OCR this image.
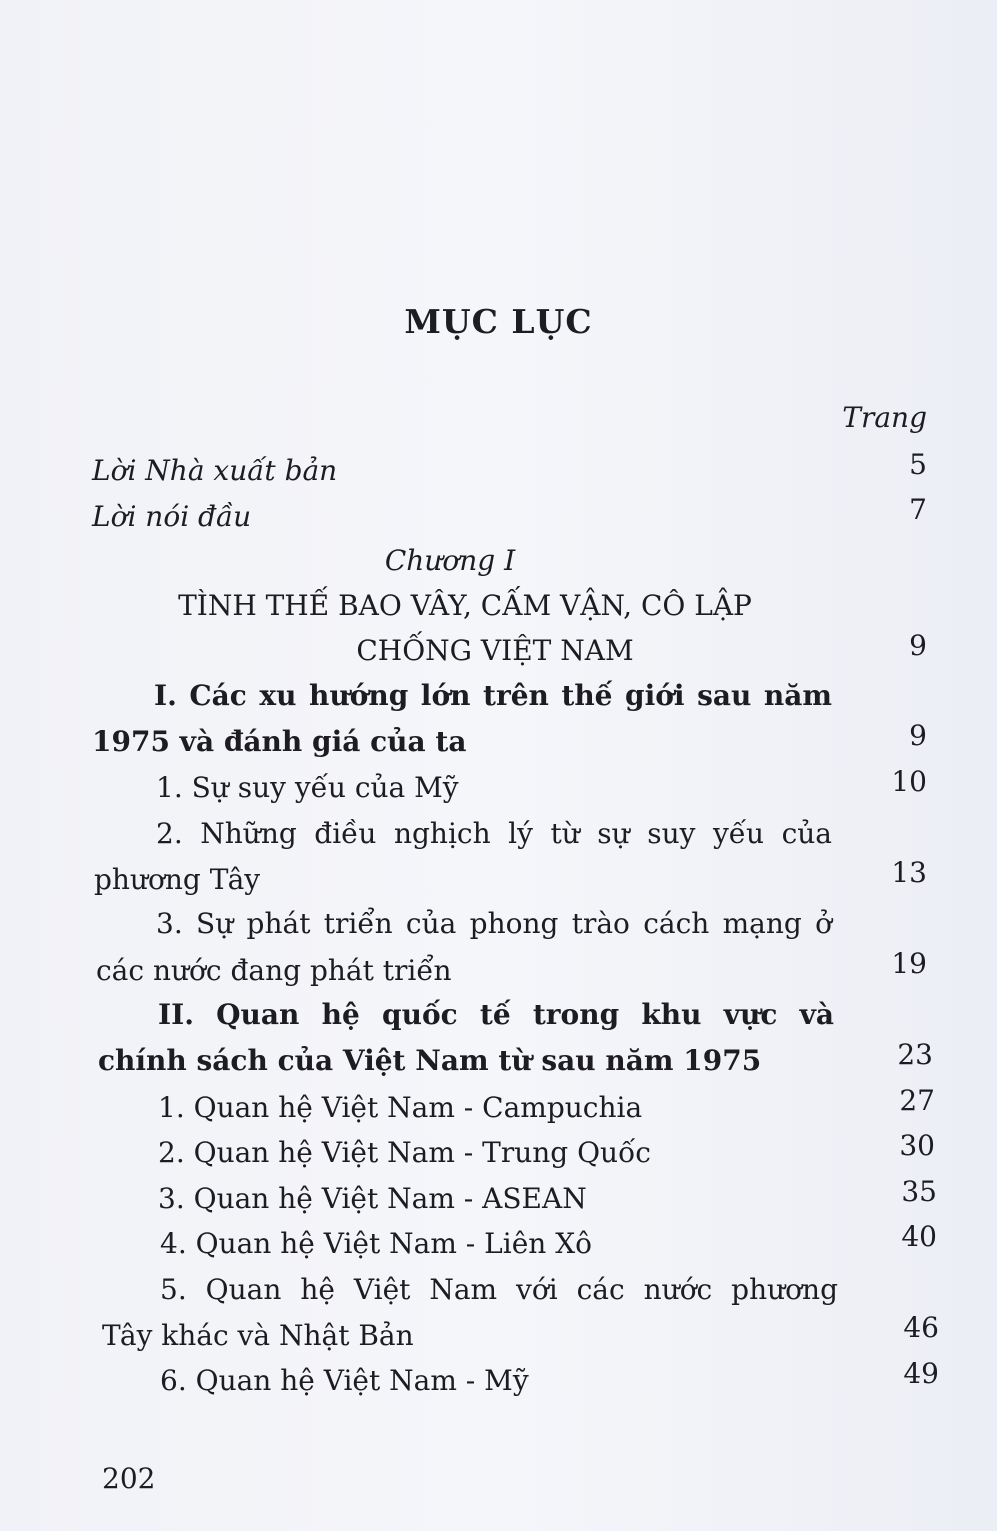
MỤC LỤC
Trang
Lời Nhà xuất bản	5
Lời nói đầu	7
Chương I
TÌNH THẾ BAO VÂY, CẤM VẬN, CÔ LẬP
CHỐNG VIỆT NAM	9
I. Các xu hướng lớn trên thế giới sau năm
1975 và đánh giá của ta	9
1. Sự suy yếu của Mỹ	10
2. Những điều nghịch lý từ sự suy yếu của
phương Tây	13
3. Sự phát triển của phong trào cách mạng ở
các nước đang phát triển	19
II. Quan hệ quốc tế trong khu vực và
chính sách của Việt Nam từ sau năm 1975	23
1. Quan hệ Việt Nam - Campuchia	27
2. Quan hệ Việt Nam - Trung Quốc	30
3. Quan hệ Việt Nam - ASEAN	35
4. Quan hệ Việt Nam - Liên Xô	40
5. Quan hệ Việt Nam với các nước phương
Tây khác và Nhật Bản	46
6. Quan hệ Việt Nam - Mỹ	49
202
